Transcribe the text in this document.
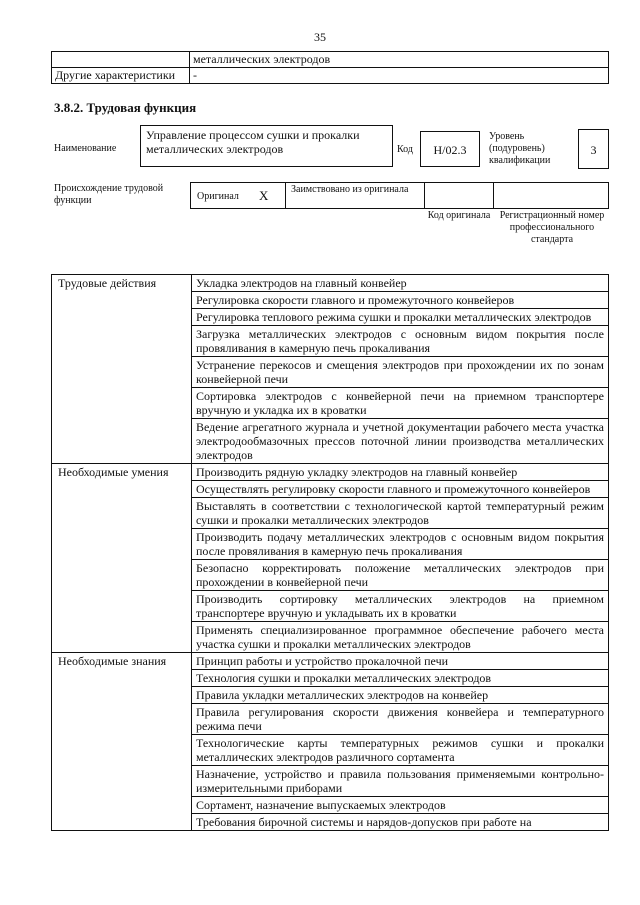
35
	металлических электродов
Другие характеристики	-
3.8.2. Трудовая функция
Наименование
Управление процессом сушки и прокалки металлических электродов	Код	H/02.3
Уровень (подуровень) квалификации
3
Происхождение трудовой функции	Оригинал X Заимствовано из оригинала
Код оригинала Регистрационный номер профессионального стандарта
Трудовые действия	Укладка электродов на главный конвейер
	Регулировка скорости главного и промежуточного конвейеров
	Регулировка теплового режима сушки и прокалки металлических электродов
	Загрузка металлических электродов с основным видом покрытия после провяливания в камерную печь прокаливания
	Устранение перекосов и смещения электродов при прохождении их по зонам конвейерной печи
	Сортировка электродов с конвейерной печи на приемном транспортере вручную и укладка их в кроватки
	Ведение агрегатного журнала и учетной документации рабочего места участка электродообмазочных прессов поточной линии производства металлических электродов
Необходимые умения	Производить рядную укладку электродов на главный конвейер
	Осуществлять регулировку скорости главного и промежуточного конвейеров
	Выставлять в соответствии с технологической картой температурный режим сушки и прокалки металлических электродов
	Производить подачу металлических электродов с основным видом покрытия после провяливания в камерную печь прокаливания
	Безопасно корректировать положение металлических электродов при прохождении в конвейерной печи
	Производить сортировку металлических электродов на приемном транспортере вручную и укладывать их в кроватки
	Применять специализированное программное обеспечение рабочего места участка сушки и прокалки металлических электродов
Необходимые знания	Принцип работы и устройство прокалочной печи
	Технология сушки и прокалки металлических электродов
	Правила укладки металлических электродов на конвейер
	Правила регулирования скорости движения конвейера и температурного режима печи
	Технологические карты температурных режимов сушки и прокалки металлических электродов различного сортамента
	Назначение, устройство и правила пользования применяемыми контрольно-измерительными приборами
	Сортамент, назначение выпускаемых электродов
	Требования бирочной системы и нарядов-допусков при работе на
